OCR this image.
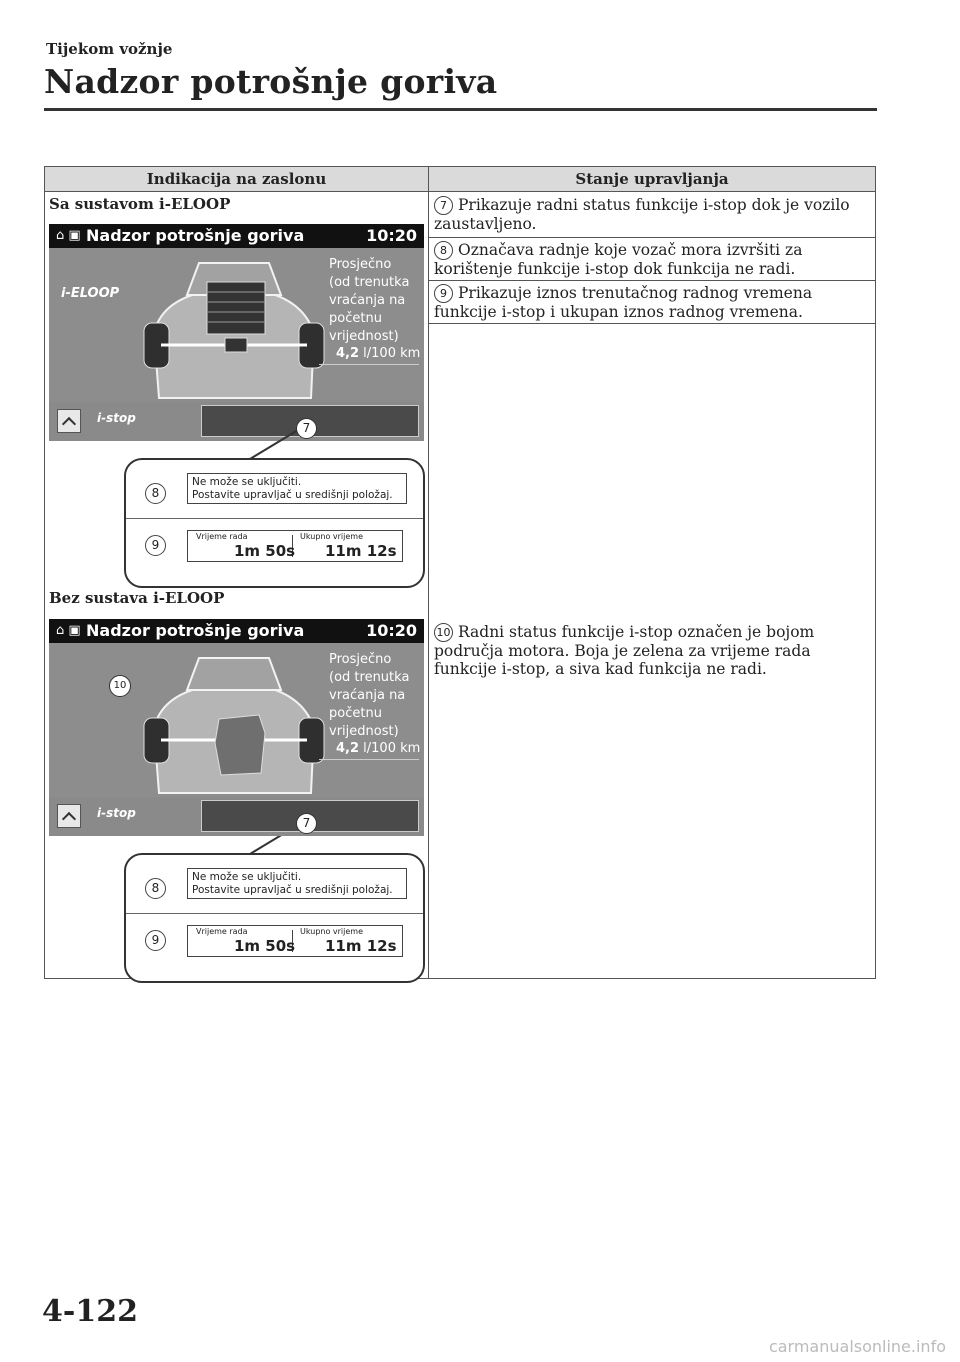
Tijekom vožnje
Nadzor potrošnje goriva
Indikacija na zaslonu	Stanje upravljanja
Sa sustavom i-ELOOP
⌂ ▣ Nadzor potrošnje goriva	10:20
i-ELOOP
Prosječno
(od trenutka
vraćanja na
početnu
vrijednost)
4,2 l/100 km
i-stop
7
8
Ne može se uključiti.
Postavite upravljač u središnji položaj.
9
Vrijeme rada	Ukupno vrijeme
1m 50s 11m 12s
Bez sustava i-ELOOP
⌂ ▣ Nadzor potrošnje goriva	10:20
Prosječno
(od trenutka
vraćanja na
početnu
vrijednost)
4,2 l/100 km
i-stop
10
7
8
Ne može se uključiti.
Postavite upravljač u središnji položaj.
9
Vrijeme rada	Ukupno vrijeme
1m 50s 11m 12s
7 Prikazuje radni status funkcije i-stop dok je vozilo zaustavljeno.
8 Označava radnje koje vozač mora izvršiti za korištenje funkcije i-stop dok funkcija ne radi.
9 Prikazuje iznos trenutačnog radnog vremena funkcije i-stop i ukupan iznos radnog vremena.
10 Radni status funkcije i-stop označen je bojom područja motora. Boja je zelena za vrijeme rada funkcije i-stop, a siva kad funkcija ne radi.
4-122
carmanualsonline.info
